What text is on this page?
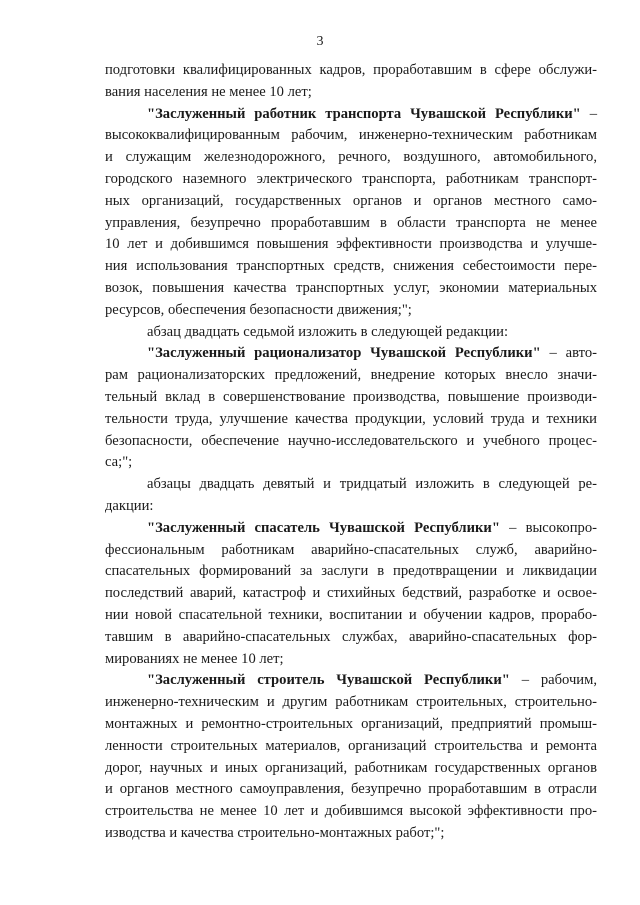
3
подготовки квалифицированных кадров, проработавшим в сфере обслужи-
вания населения не менее 10 лет;
"Заслуженный работник транспорта Чувашской Республики" –
высококвалифицированным рабочим, инженерно-техническим работникам
и служащим железнодорожного, речного, воздушного, автомобильного,
городского наземного электрического транспорта, работникам транспорт-
ных организаций, государственных органов и органов местного само-
управления, безупречно проработавшим в области транспорта не менее
10 лет и добившимся повышения эффективности производства и улучше-
ния использования транспортных средств, снижения себестоимости пере-
возок, повышения качества транспортных услуг, экономии материальных
ресурсов, обеспечения безопасности движения;";
абзац двадцать седьмой изложить в следующей редакции:
"Заслуженный рационализатор Чувашской Республики" – авто-
рам рационализаторских предложений, внедрение которых внесло значи-
тельный вклад в совершенствование производства, повышение производи-
тельности труда, улучшение качества продукции, условий труда и техники
безопасности, обеспечение научно-исследовательского и учебного процес-
са;";
абзацы двадцать девятый и тридцатый изложить в следующей ре-
дакции:
"Заслуженный спасатель Чувашской Республики" – высокопро-
фессиональным работникам аварийно-спасательных служб, аварийно-
спасательных формирований за заслуги в предотвращении и ликвидации
последствий аварий, катастроф и стихийных бедствий, разработке и освое-
нии новой спасательной техники, воспитании и обучении кадров, прорабо-
тавшим в аварийно-спасательных службах, аварийно-спасательных фор-
мированиях не менее 10 лет;
"Заслуженный строитель Чувашской Республики" – рабочим,
инженерно-техническим и другим работникам строительных, строительно-
монтажных и ремонтно-строительных организаций, предприятий промыш-
ленности строительных материалов, организаций строительства и ремонта
дорог, научных и иных организаций, работникам государственных органов
и органов местного самоуправления, безупречно проработавшим в отрасли
строительства не менее 10 лет и добившимся высокой эффективности про-
изводства и качества строительно-монтажных работ;";
